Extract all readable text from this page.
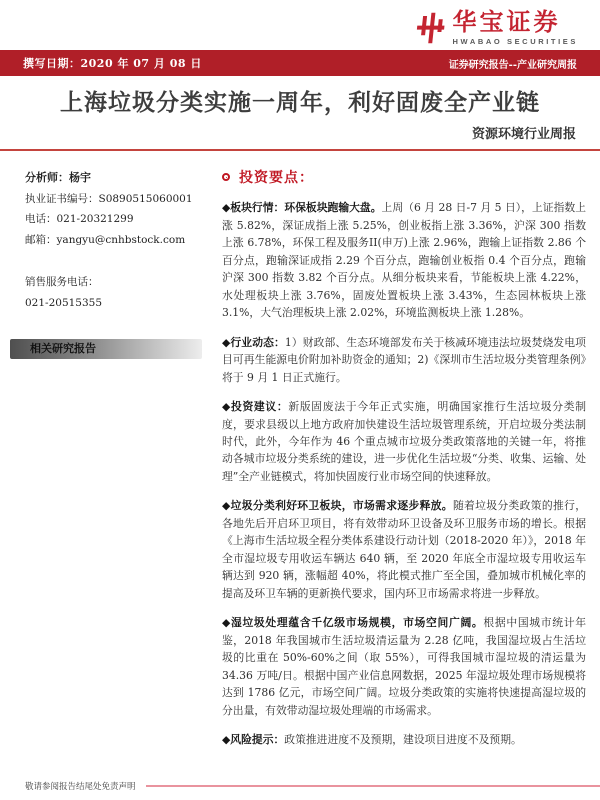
华宝证券
HWABAO SECURITIES
撰写日期：2020 年 07 月 08 日	证券研究报告--产业研究周报
上海垃圾分类实施一周年，利好固废全产业链
资源环境行业周报
分析师：杨宇
执业证书编号：S0890515060001
电话：021-20321299
邮箱：yangyu@cnhbstock.com
销售服务电话：
021-20515355
相关研究报告
投资要点：

◆板块行情：环保板块跑输大盘。上周（6 月 28 日-7 月 5 日），上证指数上涨 5.82%，深证成指上涨 5.25%，创业板指上涨 3.36%，沪深 300 指数上涨 6.78%，环保工程及服务II(申万)上涨 2.96%，跑输上证指数 2.86 个百分点，跑输深证成指 2.29 个百分点，跑输创业板指 0.4 个百分点，跑输沪深 300 指数 3.82 个百分点。从细分板块来看，节能板块上涨 4.22%，水处理板块上涨 3.76%，固废处置板块上涨 3.43%，生态园林板块上涨 3.1%，大气治理板块上涨 2.02%，环境监测板块上涨 1.28%。

◆行业动态：1）财政部、生态环境部发布关于核减环境违法垃圾焚烧发电项目可再生能源电价附加补助资金的通知；2)《深圳市生活垃圾分类管理条例》将于 9 月 1 日正式施行。

◆投资建议：新版固废法于今年正式实施，明确国家推行生活垃圾分类制度，要求县级以上地方政府加快建设生活垃圾管理系统，开启垃圾分类法制时代，此外，今年作为 46 个重点城市垃圾分类政策落地的关键一年，将推动各城市垃圾分类系统的建设，进一步优化生活垃圾“分类、收集、运输、处理”全产业链模式，将加快固废行业市场空间的快速释放。

◆垃圾分类利好环卫板块，市场需求逐步释放。随着垃圾分类政策的推行，各地先后开启环卫项目，将有效带动环卫设备及环卫服务市场的增长。根据《上海市生活垃圾全程分类体系建设行动计划（2018-2020 年）》，2018 年全市湿垃圾专用收运车辆达 640 辆，至 2020 年底全市湿垃圾专用收运车辆达到 920 辆，涨幅超 40%，将此模式推广至全国，叠加城市机械化率的提高及环卫车辆的更新换代要求，国内环卫市场需求将进一步释放。

◆湿垃圾处理蕴含千亿级市场规模，市场空间广阔。根据中国城市统计年鉴，2018 年我国城市生活垃圾清运量为 2.28 亿吨，我国湿垃圾占生活垃圾的比重在 50%-60%之间（取 55%），可得我国城市湿垃圾的清运量为 34.36 万吨/日。根据中国产业信息网数据，2025 年湿垃圾处理市场规模将达到 1786 亿元，市场空间广阔。垃圾分类政策的实施将快速提高湿垃圾的分出量，有效带动湿垃圾处理端的市场需求。

◆风险提示：政策推进进度不及预期，建设项目进度不及预期。

敬请参阅报告结尾处免责声明
